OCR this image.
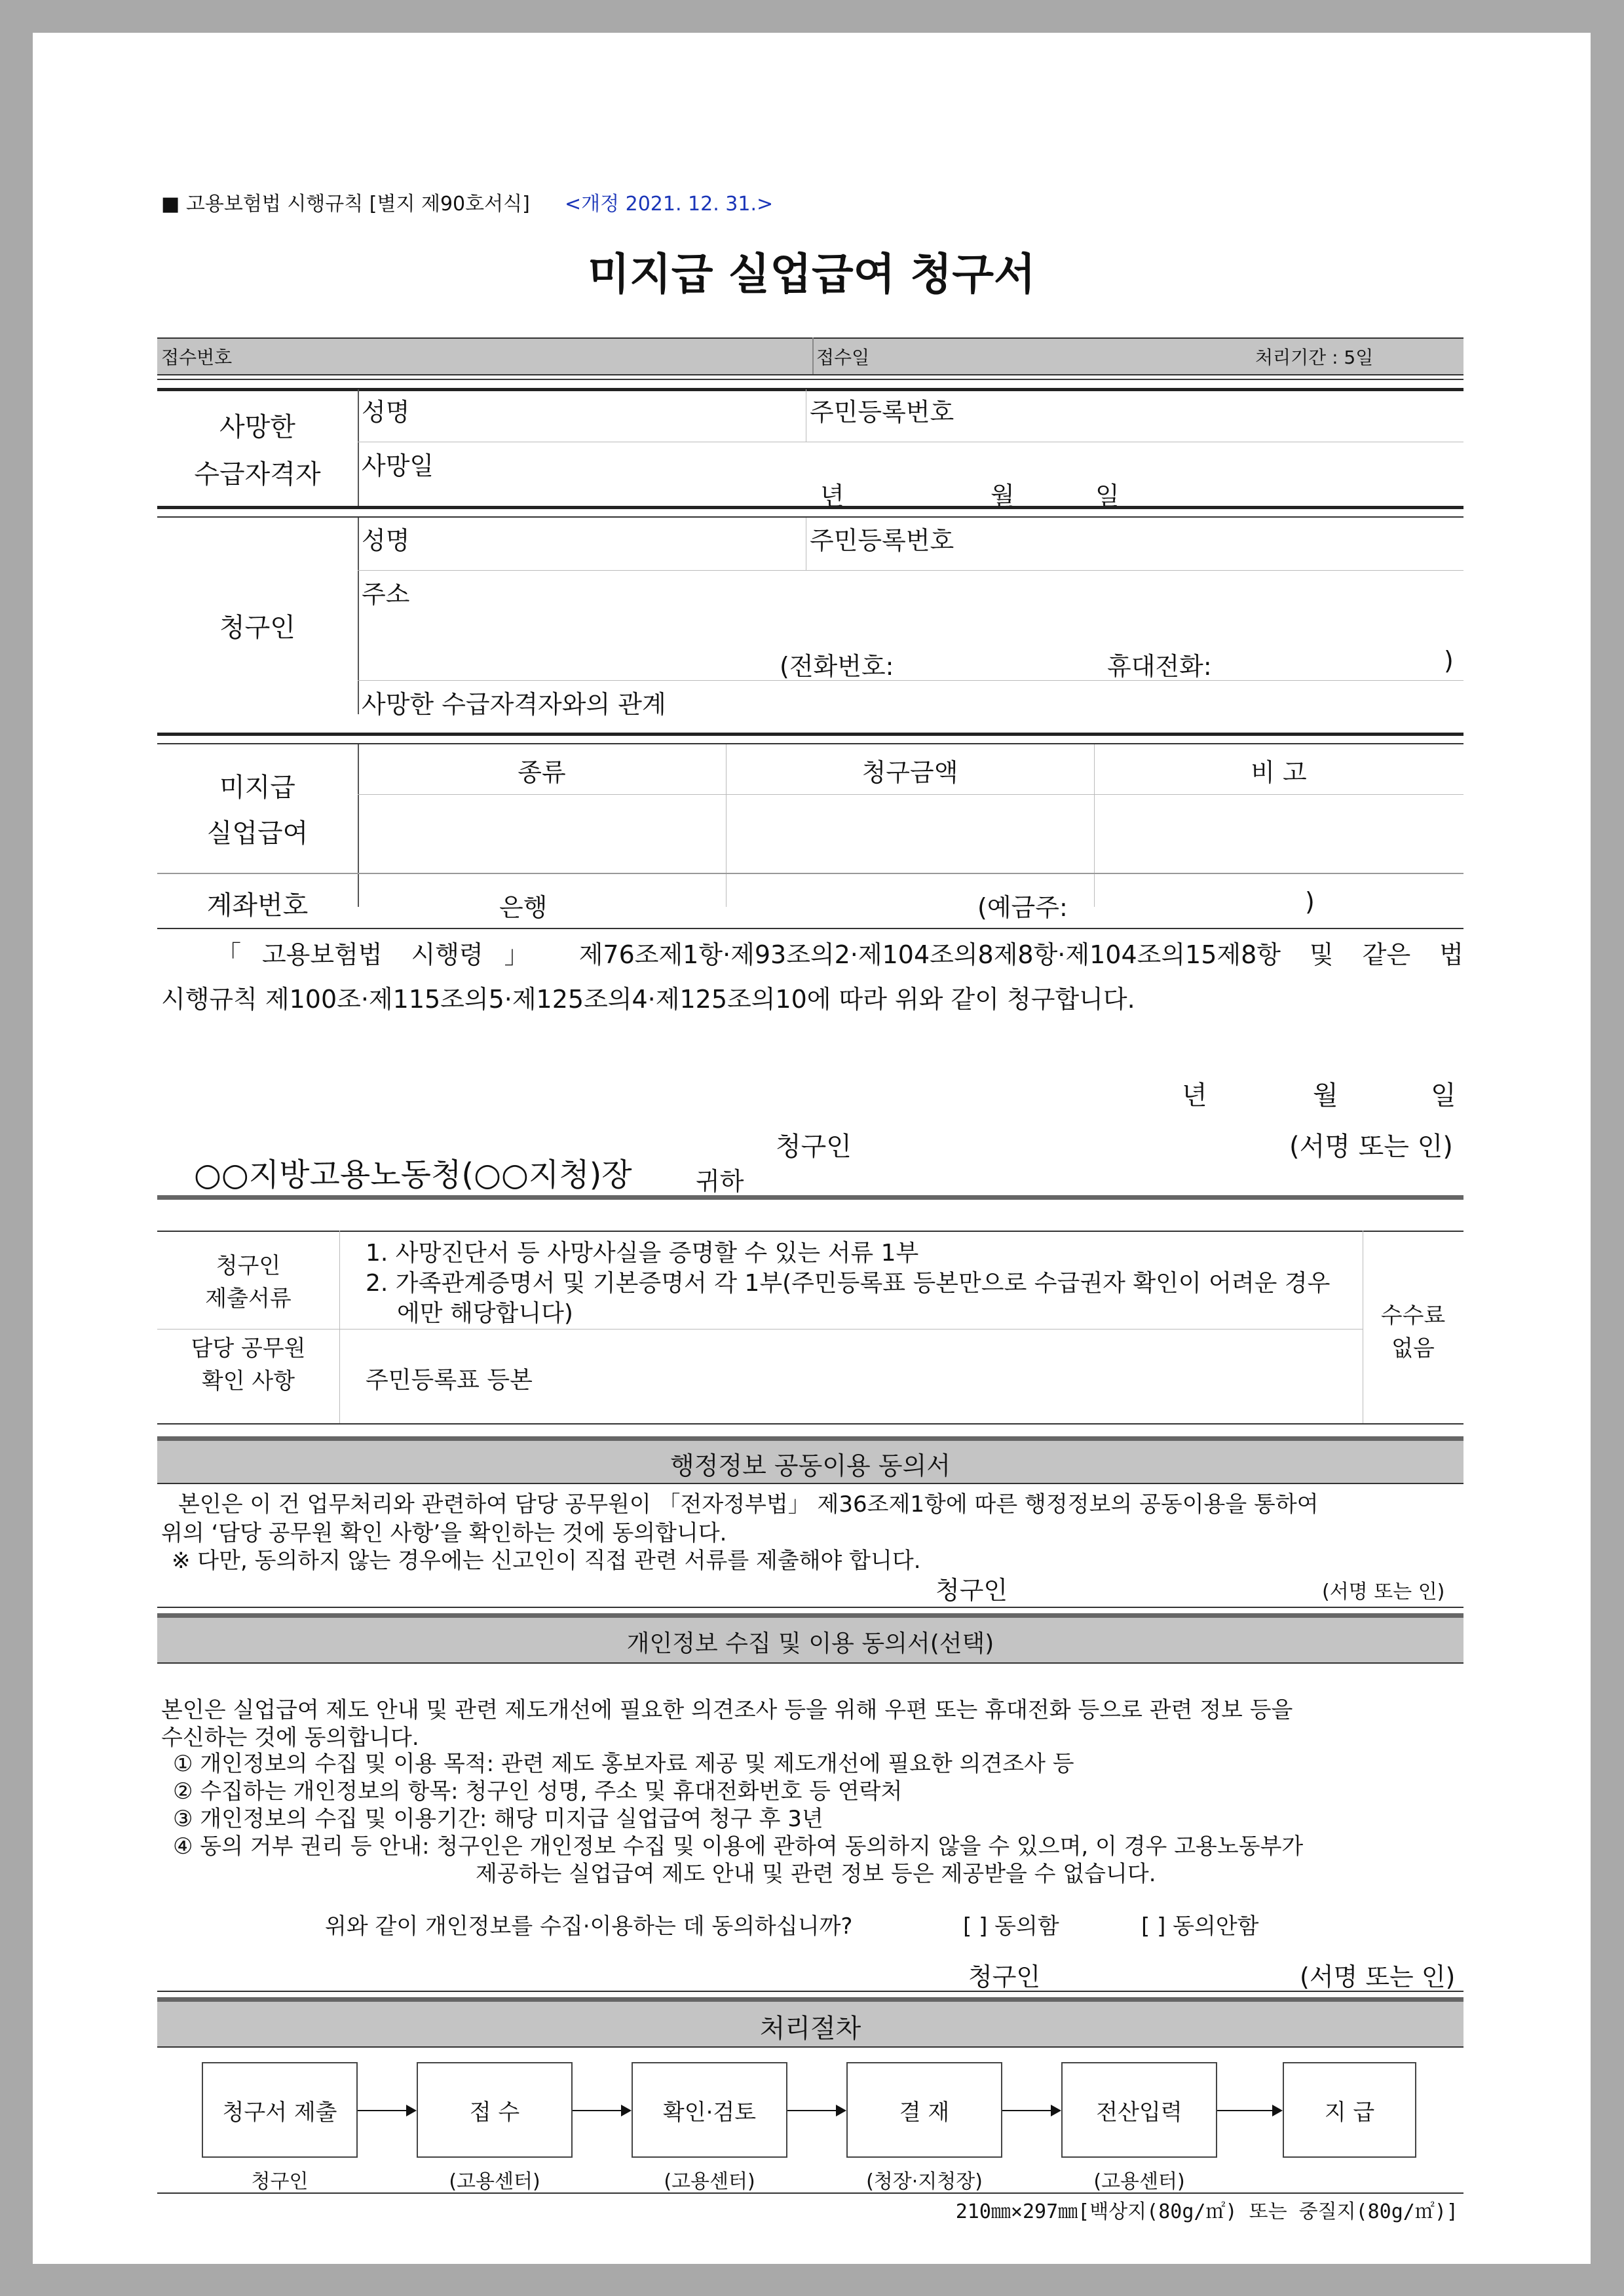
■ 고용보험법 시행규칙 [별지 제90호서식] <개정 2021. 12. 31.>
미지급 실업급여 청구서
접수번호	접수일	처리기간 : 5일
사망한
수급자격자
성명	주민등록번호
사망일
년	월	일
청구인
성명	주민등록번호
주소
(전화번호:	휴대전화:	)
사망한 수급자격자와의 관계
미지급
실업급여
종류	청구금액	비 고
계좌번호	은행	(예금주:	)
「고용보험법 시행령」 제76조제1항·제93조의2·제104조의8제8항·제104조의15제8항 및 같은 법
시행규칙 제100조·제115조의5·제125조의4·제125조의10에 따라 위와 같이 청구합니다.
년	월	일
청구인	(서명 또는 인)
○○지방고용노동청(○○지청)장	귀하
청구인
제출서류
1. 사망진단서 등 사망사실을 증명할 수 있는 서류 1부
2. 가족관계증명서 및 기본증명서 각 1부(주민등록표 등본만으로 수급권자 확인이 어려운 경우
에만 해당합니다)
담당 공무원
확인 사항	주민등록표 등본
수수료
없음
행정정보 공동이용 동의서
본인은 이 건 업무처리와 관련하여 담당 공무원이 「전자정부법」 제36조제1항에 따른 행정정보의 공동이용을 통하여
위의 ‘담당 공무원 확인 사항’을 확인하는 것에 동의합니다.
※ 다만, 동의하지 않는 경우에는 신고인이 직접 관련 서류를 제출해야 합니다.
청구인	(서명 또는 인)
개인정보 수집 및 이용 동의서(선택)
본인은 실업급여 제도 안내 및 관련 제도개선에 필요한 의견조사 등을 위해 우편 또는 휴대전화 등으로 관련 정보 등을
수신하는 것에 동의합니다.
① 개인정보의 수집 및 이용 목적: 관련 제도 홍보자료 제공 및 제도개선에 필요한 의견조사 등
② 수집하는 개인정보의 항목: 청구인 성명, 주소 및 휴대전화번호 등 연락처
③ 개인정보의 수집 및 이용기간: 해당 미지급 실업급여 청구 후 3년
④ 동의 거부 권리 등 안내: 청구인은 개인정보 수집 및 이용에 관하여 동의하지 않을 수 있으며, 이 경우 고용노동부가
제공하는 실업급여 제도 안내 및 관련 정보 등은 제공받을 수 없습니다.
위와 같이 개인정보를 수집·이용하는 데 동의하십니까?	[ ] 동의함	[ ] 동의안함
청구인	(서명 또는 인)
처리절차
청구서 제출	접 수	확인·검토	결 재	전산입력	지 급
청구인	(고용센터)	(고용센터)	(청장·지청장)	(고용센터)
210㎜×297㎜[백상지(80g/㎡) 또는 중질지(80g/㎡)]
